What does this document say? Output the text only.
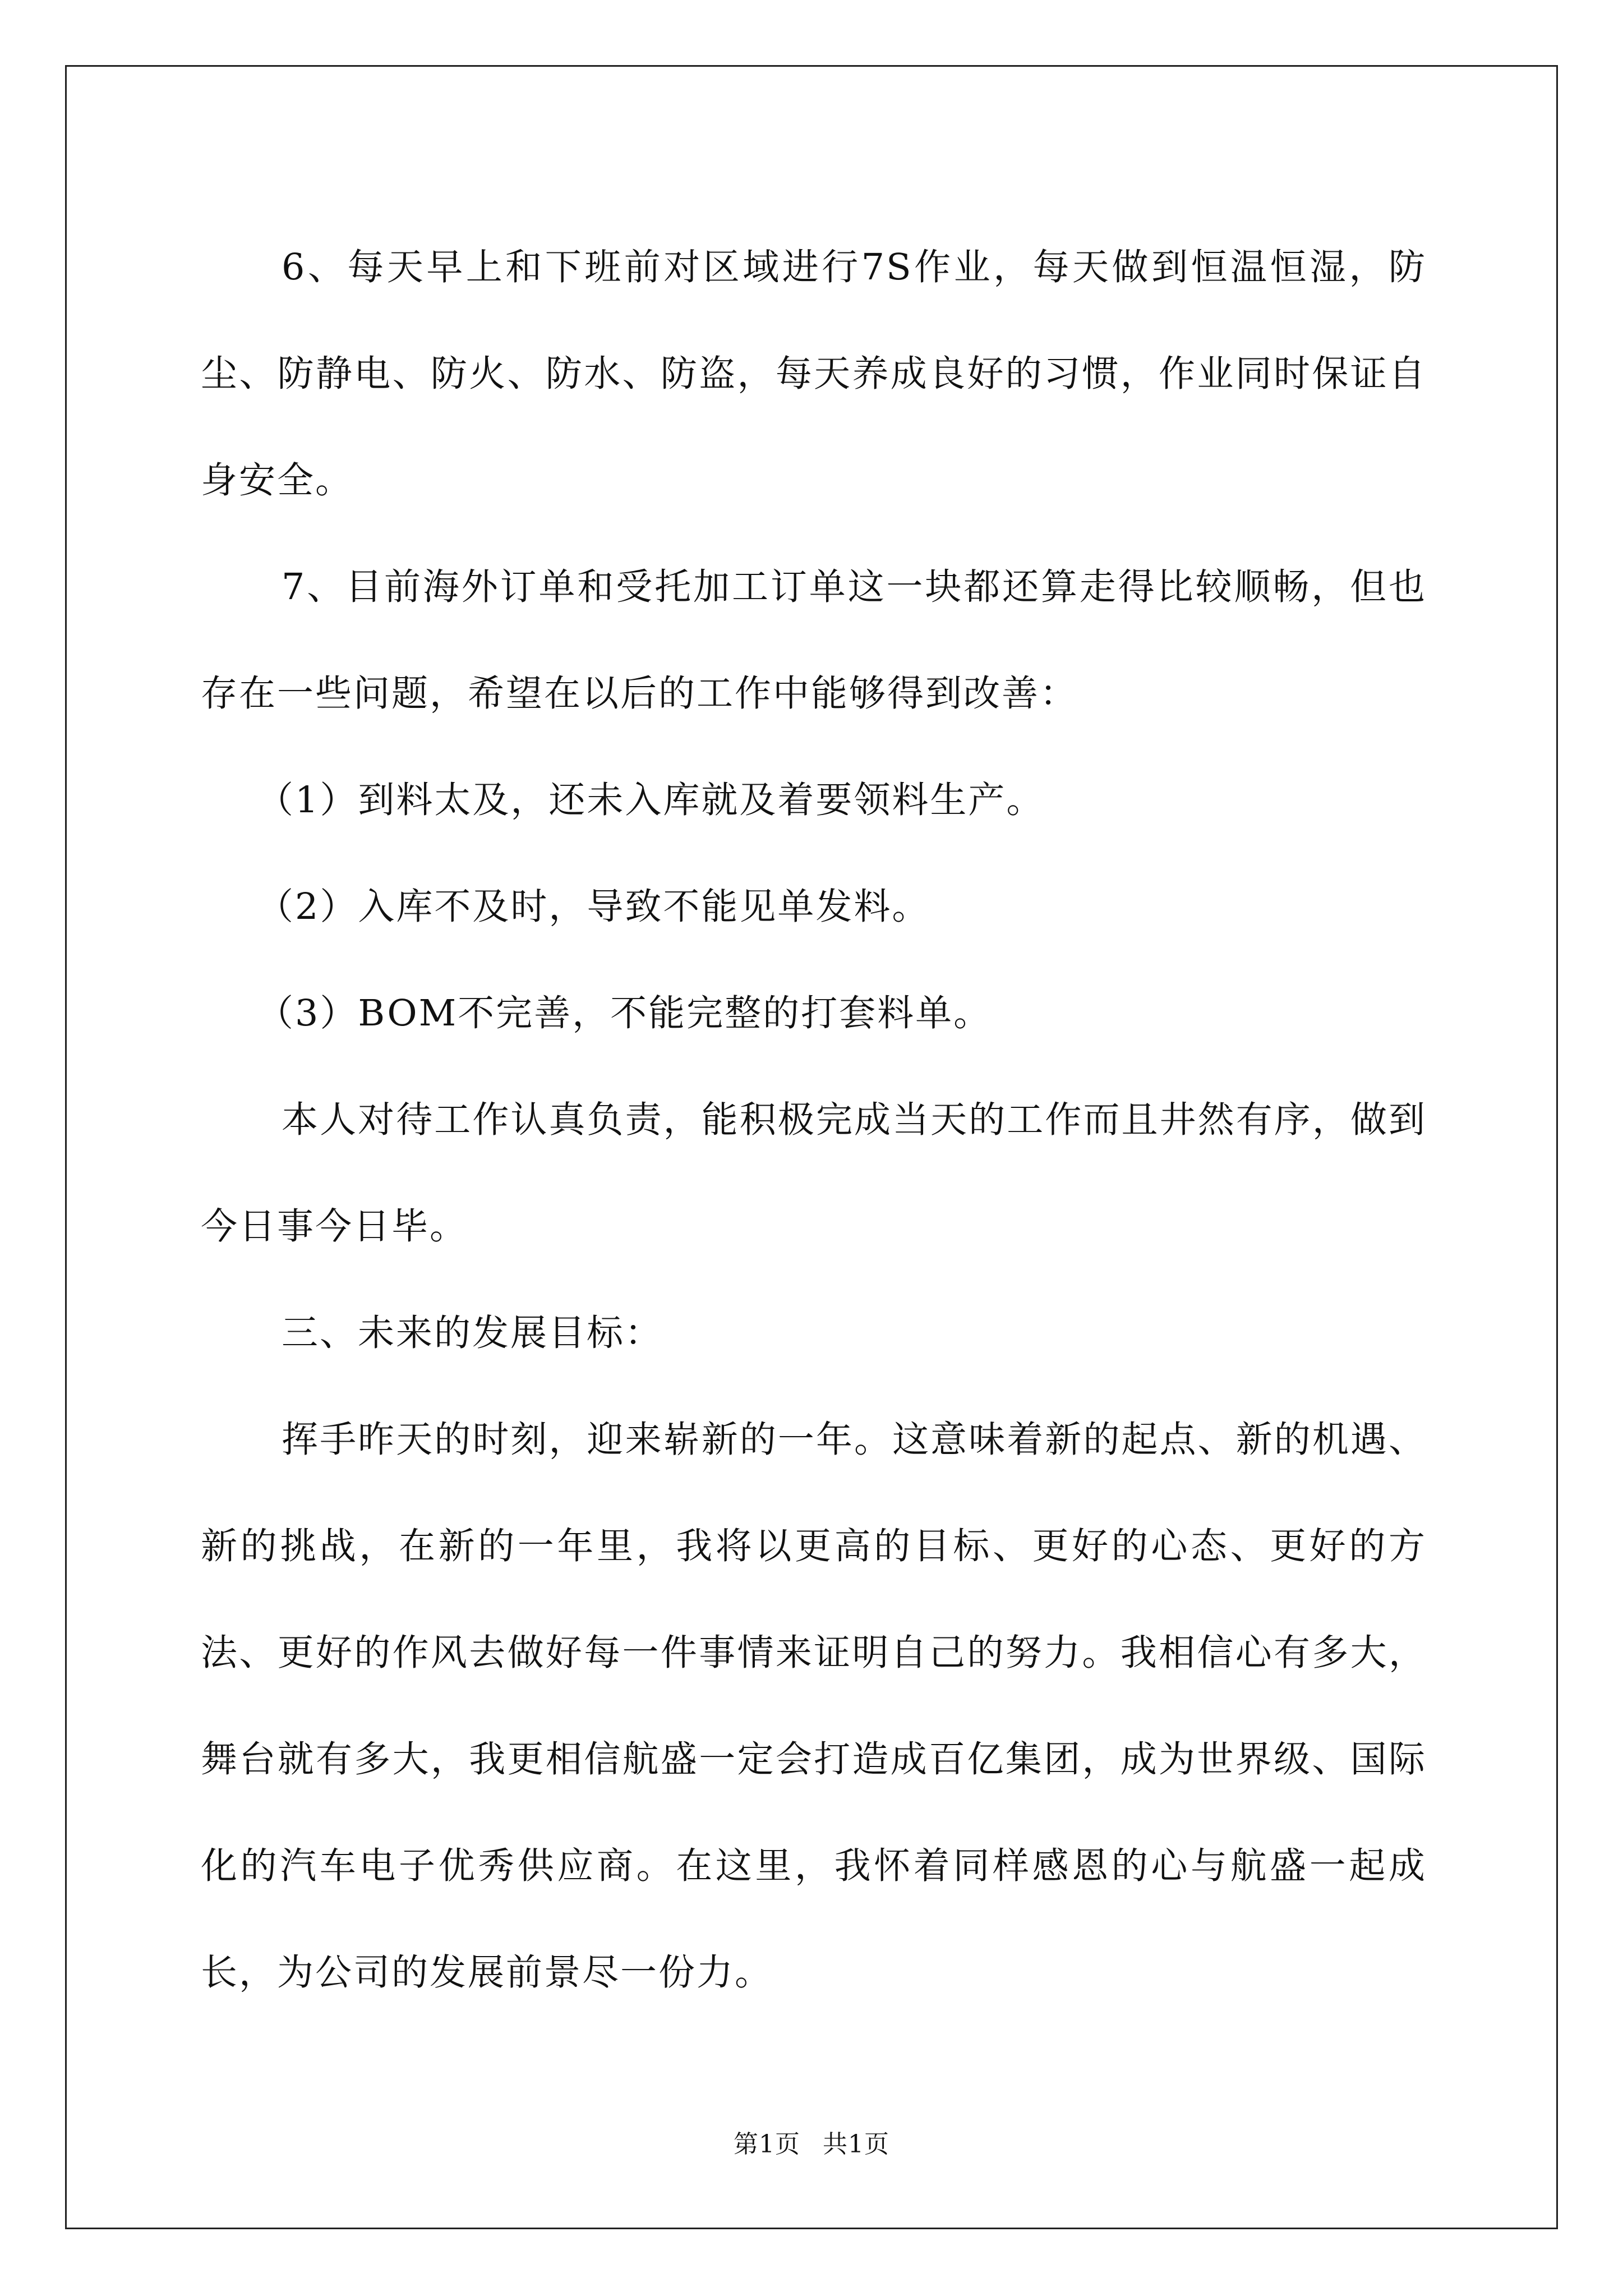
6、每天早上和下班前对区域进行7S作业，每天做到恒温恒湿，防尘、防静电、防火、防水、防盗，每天养成良好的习惯，作业同时保证自身安全。

7、目前海外订单和受托加工订单这一块都还算走得比较顺畅，但也存在一些问题，希望在以后的工作中能够得到改善：

（1）到料太及，还未入库就及着要领料生产。

（2）入库不及时，导致不能见单发料。

（3）BOM不完善，不能完整的打套料单。

本人对待工作认真负责，能积极完成当天的工作而且井然有序，做到今日事今日毕。

三、未来的发展目标：

挥手昨天的时刻，迎来崭新的一年。这意味着新的起点、新的机遇、新的挑战，在新的一年里，我将以更高的目标、更好的心态、更好的方法、更好的作风去做好每一件事情来证明自己的努力。我相信心有多大，舞台就有多大，我更相信航盛一定会打造成百亿集团，成为世界级、国际化的汽车电子优秀供应商。在这里，我怀着同样感恩的心与航盛一起成长，为公司的发展前景尽一份力。

第1页 共1页
